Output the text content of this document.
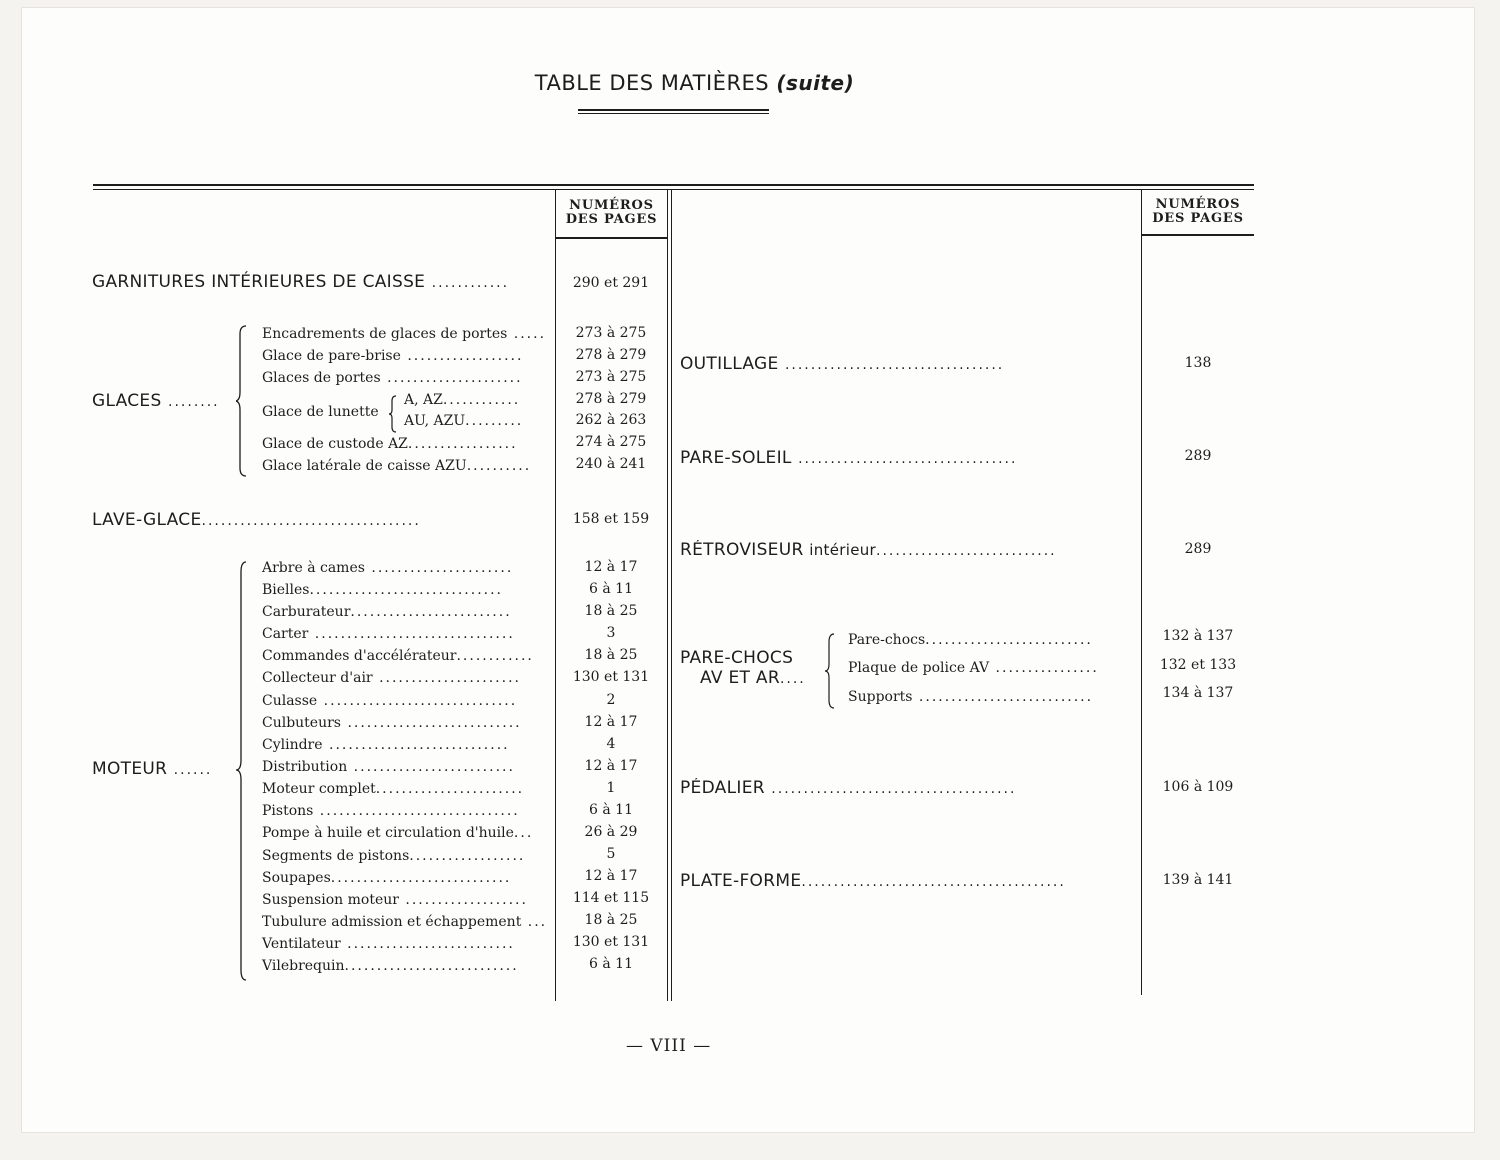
TABLE DES MATIÈRES (suite)
NUMÉROS
DES PAGES
NUMÉROS
DES PAGES
GARNITURES INTÉRIEURES DE CAISSE ............	290 et 291
GLACES ........
Encadrements de glaces de portes .....	273 à 275
Glace de pare-brise ..................	278 à 279
Glaces de portes .....................	273 à 275
Glace de lunette
A, AZ............	278 à 279
AU, AZU.........	262 à 263
Glace de custode AZ.................	274 à 275
Glace latérale de caisse AZU..........	240 à 241
LAVE-GLACE..................................	158 et 159
MOTEUR ......
Arbre à cames ......................	12 à 17
Bielles..............................	6 à 11
Carburateur.........................	18 à 25
Carter ...............................	3
Commandes d'accélérateur............	18 à 25
Collecteur d'air ......................	130 et 131
Culasse ..............................	2
Culbuteurs ...........................	12 à 17
Cylindre ............................	4
Distribution .........................	12 à 17
Moteur complet.......................	1
Pistons ...............................	6 à 11
Pompe à huile et circulation d'huile...	26 à 29
Segments de pistons..................	5
Soupapes............................	12 à 17
Suspension moteur ...................	114 et 115
Tubulure admission et échappement ...	18 à 25
Ventilateur ..........................	130 et 131
Vilebrequin...........................	6 à 11
OUTILLAGE ..................................	138
PARE-SOLEIL ..................................	289
RÉTROVISEUR intérieur............................	289
PARE-CHOCS
AV ET AR....
Pare-chocs..........................	132 à 137
Plaque de police AV ................	132 et 133
Supports ...........................	134 à 137
PÉDALIER ......................................	106 à 109
PLATE-FORME.........................................	139 à 141
— VIII —
